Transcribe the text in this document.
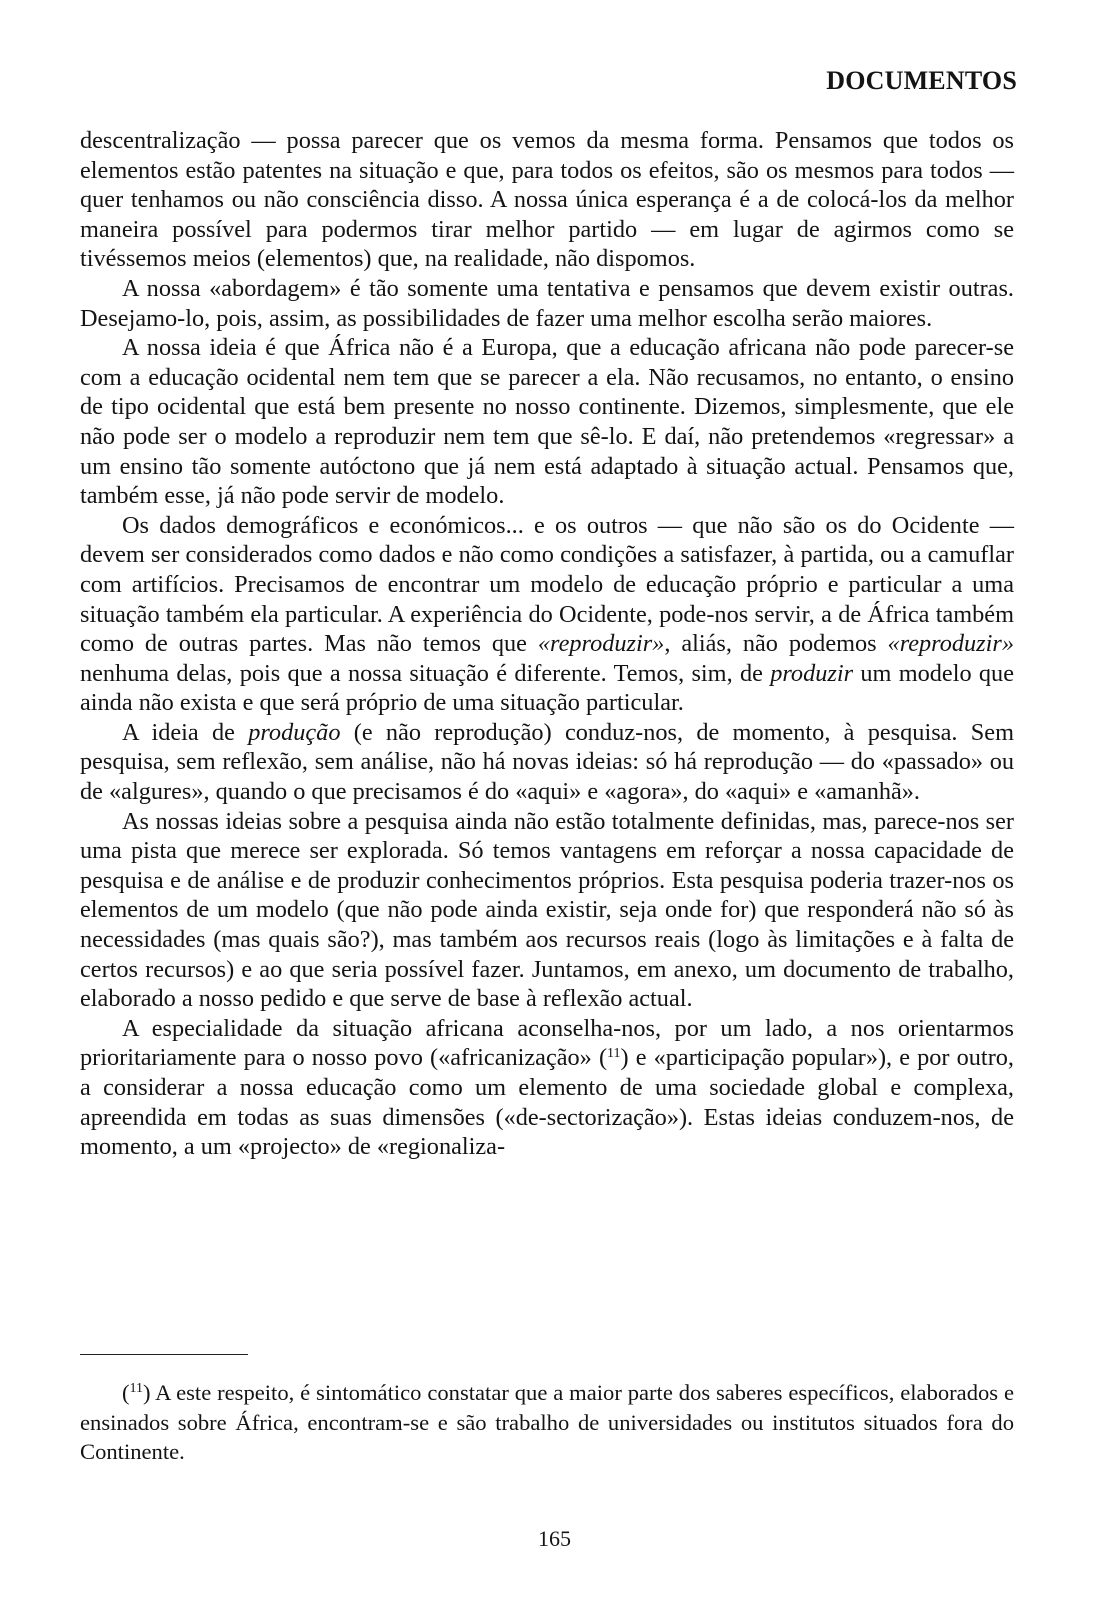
DOCUMENTOS

descentralização — possa parecer que os vemos da mesma forma. Pensamos que todos os elementos estão patentes na situação e que, para todos os efeitos, são os mesmos para todos — quer tenhamos ou não consciência disso. A nossa única esperança é a de colocá-los da melhor maneira possível para podermos tirar melhor partido — em lugar de agirmos como se tivéssemos meios (elementos) que, na realidade, não dispomos.

A nossa «abordagem» é tão somente uma tentativa e pensamos que devem existir outras. Desejamo-lo, pois, assim, as possibilidades de fazer uma melhor escolha serão maiores.

A nossa ideia é que África não é a Europa, que a educação africana não pode parecer-se com a educação ocidental nem tem que se parecer a ela. Não recusamos, no entanto, o ensino de tipo ocidental que está bem presente no nosso continente. Dizemos, simplesmente, que ele não pode ser o modelo a reproduzir nem tem que sê-lo. E daí, não pretendemos «regressar» a um ensino tão somente autóctono que já nem está adaptado à situação actual. Pensamos que, também esse, já não pode servir de modelo.

Os dados demográficos e económicos... e os outros — que não são os do Ocidente — devem ser considerados como dados e não como condições a satisfazer, à partida, ou a camuflar com artifícios. Precisamos de encontrar um modelo de educação próprio e particular a uma situação também ela particular. A experiência do Ocidente, pode-nos servir, a de África também como de outras partes. Mas não temos que «reproduzir», aliás, não podemos «reproduzir» nenhuma delas, pois que a nossa situação é diferente. Temos, sim, de produzir um modelo que ainda não exista e que será próprio de uma situação particular.

A ideia de produção (e não reprodução) conduz-nos, de momento, à pesquisa. Sem pesquisa, sem reflexão, sem análise, não há novas ideias: só há reprodução — do «passado» ou de «algures», quando o que precisamos é do «aqui» e «agora», do «aqui» e «amanhã».

As nossas ideias sobre a pesquisa ainda não estão totalmente definidas, mas, parece-nos ser uma pista que merece ser explorada. Só temos vantagens em reforçar a nossa capacidade de pesquisa e de análise e de produzir conhecimentos próprios. Esta pesquisa poderia trazer-nos os elementos de um modelo (que não pode ainda existir, seja onde for) que responderá não só às necessidades (mas quais são?), mas também aos recursos reais (logo às limitações e à falta de certos recursos) e ao que seria possível fazer. Juntamos, em anexo, um documento de trabalho, elaborado a nosso pedido e que serve de base à reflexão actual.

A especialidade da situação africana aconselha-nos, por um lado, a nos orientarmos prioritariamente para o nosso povo («africanização» ($^{11}$) e «participação popular»), e por outro, a considerar a nossa educação como um elemento de uma sociedade global e complexa, apreendida em todas as suas dimensões («de-sectorização»). Estas ideias conduzem-nos, de momento, a um «projecto» de «regionaliza-

($^{11}$) A este respeito, é sintomático constatar que a maior parte dos saberes específicos, elaborados e ensinados sobre África, encontram-se e são trabalho de universidades ou institutos situados fora do Continente.

165
